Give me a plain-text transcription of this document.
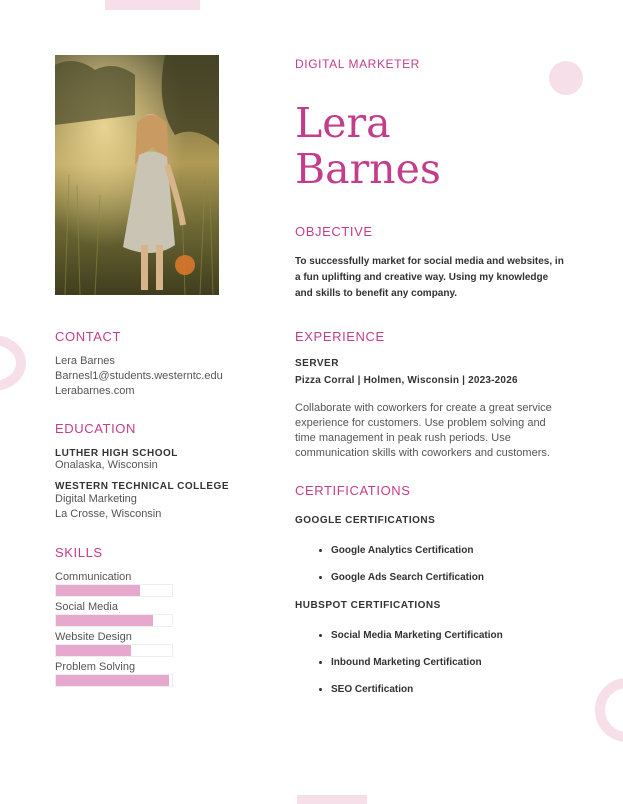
DIGITAL MARKETER
Lera
Barnes
CONTACT
Lera Barnes
Barnesl1@students.westerntc.edu
Lerabarnes.com
EDUCATION
LUTHER HIGH SCHOOL
Onalaska, Wisconsin
WESTERN TECHNICAL COLLEGE
Digital Marketing
La Crosse, Wisconsin
SKILLS
Communication
Social Media
Website Design
Problem Solving
OBJECTIVE
To successfully market for social media and websites, in a fun uplifting and creative way. Using my knowledge and skills to benefit any company.
EXPERIENCE
SERVER
Pizza Corral | Holmen, Wisconsin | 2023-2026
Collaborate with coworkers for create a great service experience for customers. Use problem solving and time management in peak rush periods. Use communication skills with coworkers and customers.
CERTIFICATIONS
GOOGLE CERTIFICATIONS
• Google Analytics Certification
• Google Ads Search Certification
HUBSPOT CERTIFICATIONS
• Social Media Marketing Certification
• Inbound Marketing Certification
• SEO Certification
